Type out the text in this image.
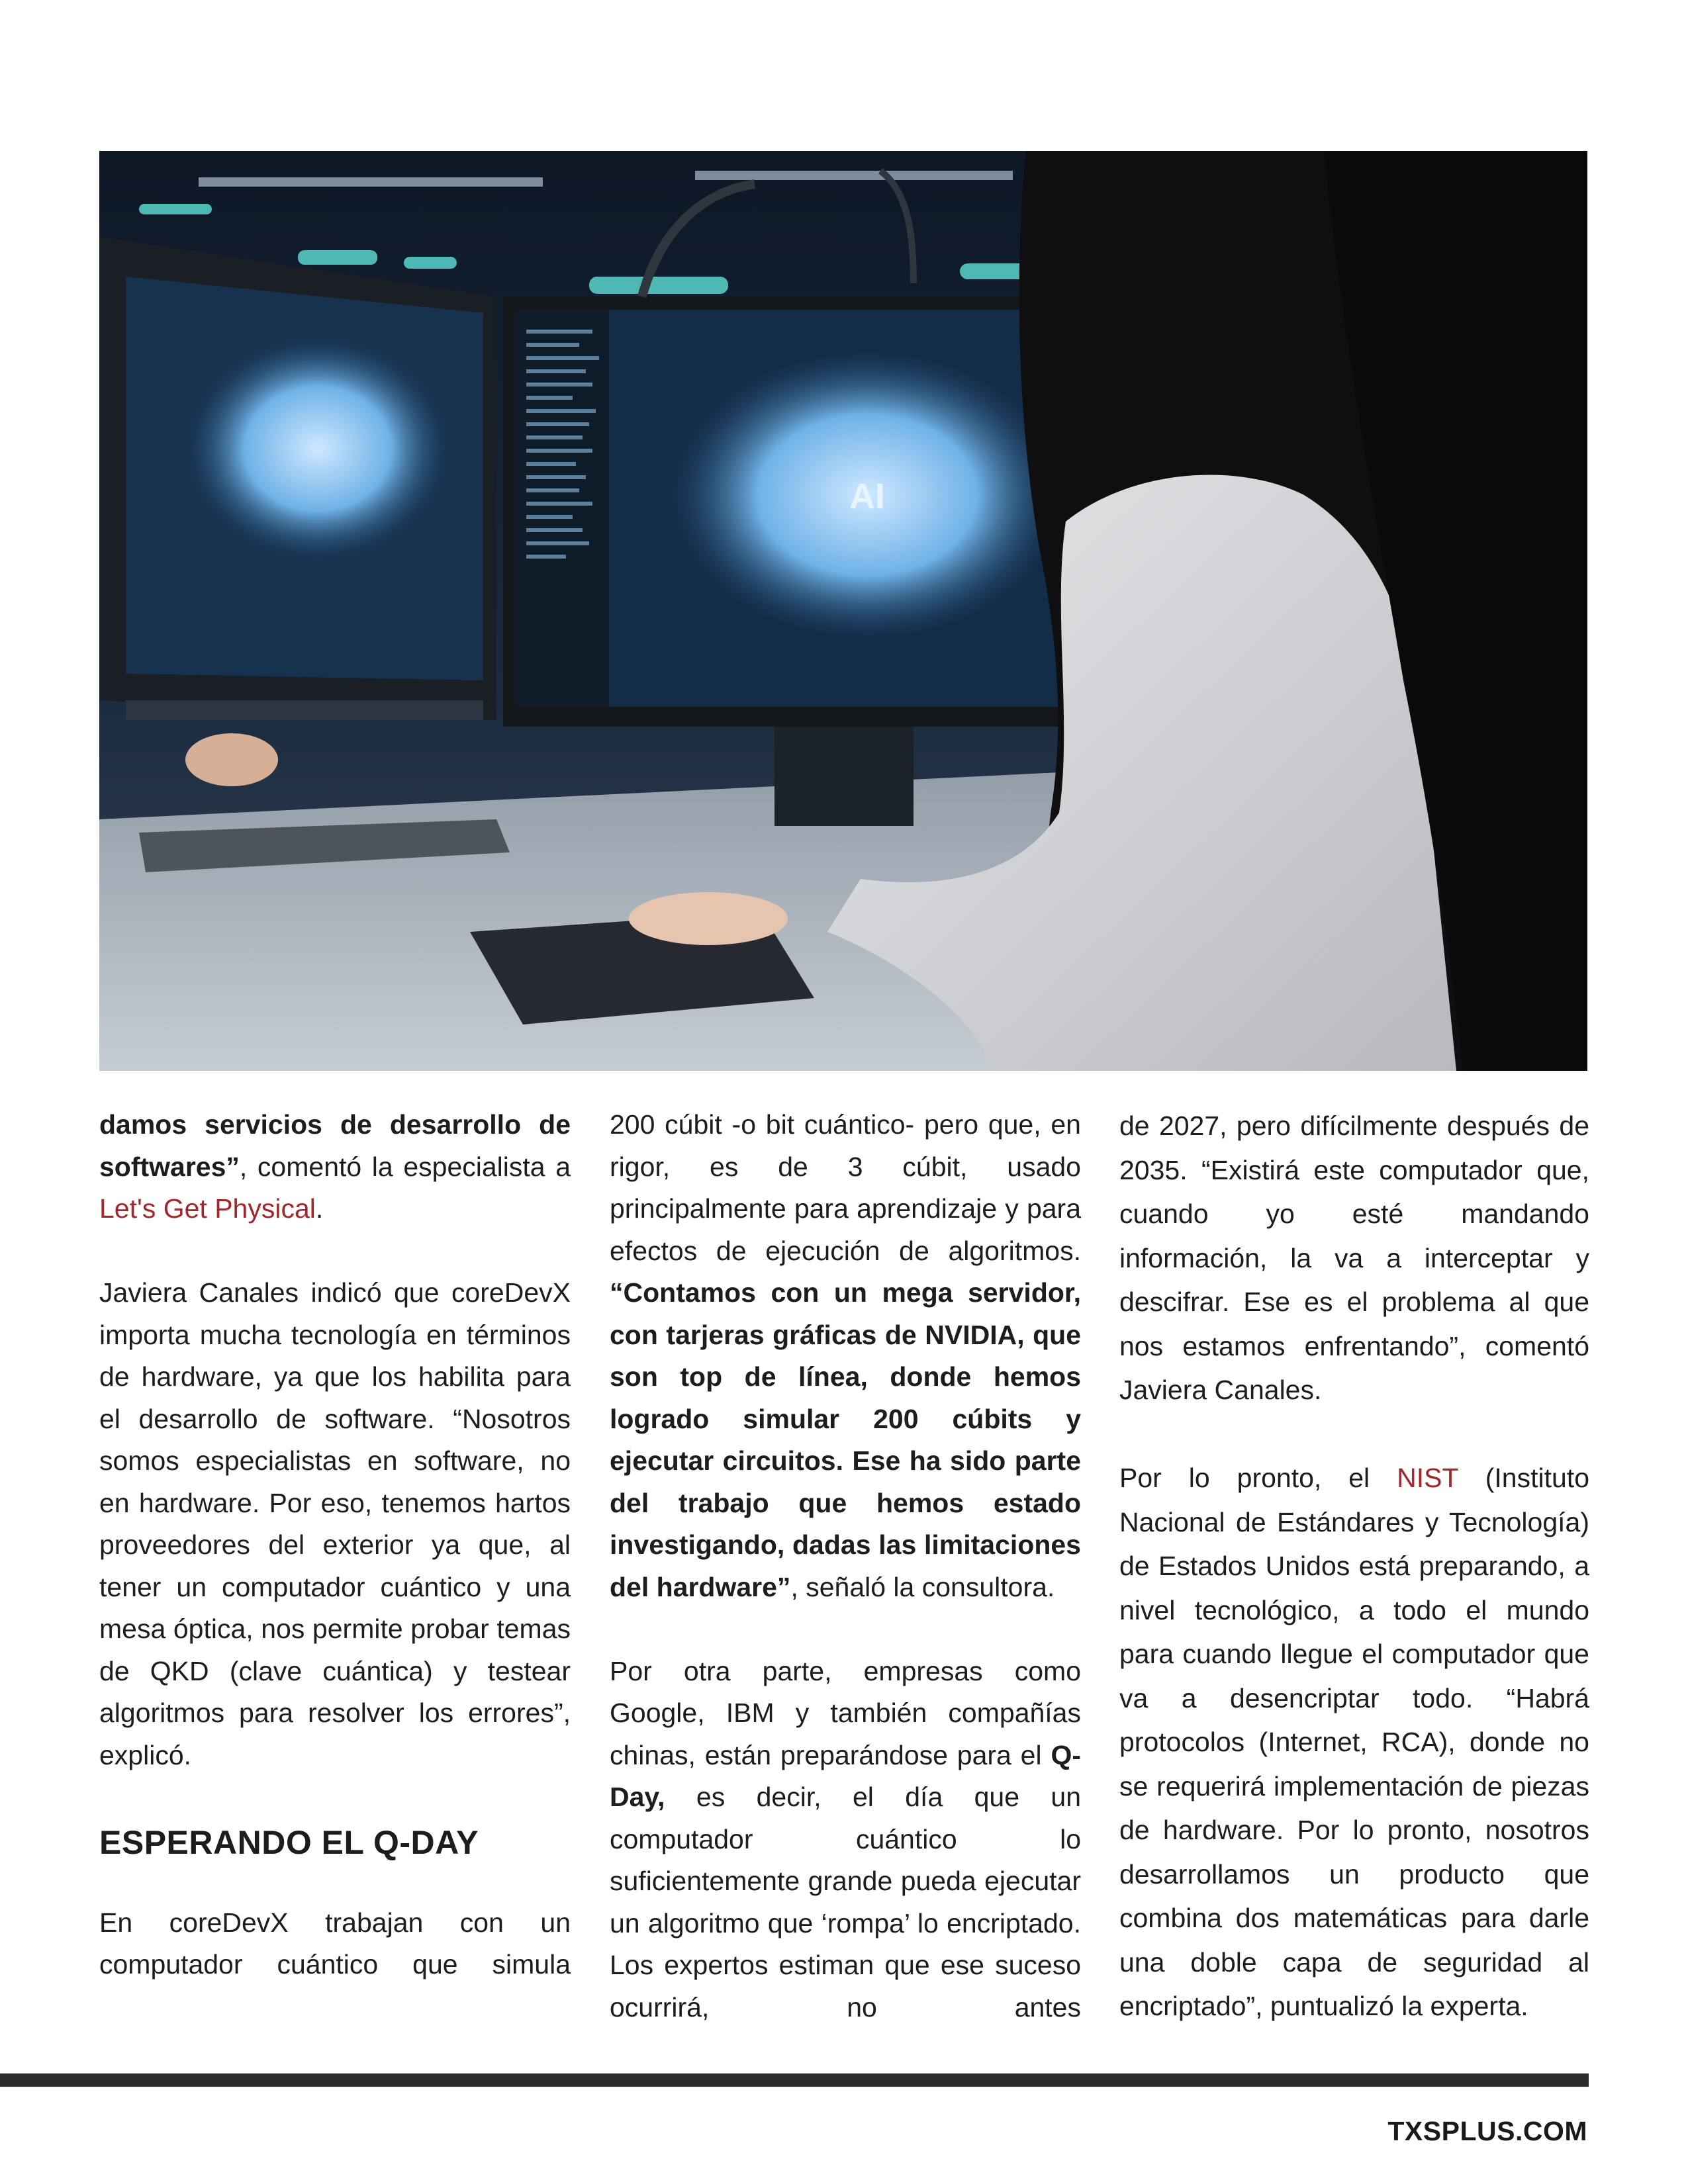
AI

damos servicios de desarrollo de softwares”, comentó la especialista a Let's Get Physical.

Javiera Canales indicó que coreDevX importa mucha tecnología en términos de hardware, ya que los habilita para el desarrollo de software. “Nosotros somos especialistas en software, no en hardware. Por eso, tenemos hartos proveedores del exterior ya que, al tener un computador cuántico y una mesa óptica, nos permite probar temas de QKD (clave cuántica) y testear algoritmos para resolver los errores”, explicó.

ESPERANDO EL Q-DAY

En coreDevX trabajan con un computador cuántico que simula

200 cúbit -o bit cuántico- pero que, en rigor, es de 3 cúbit, usado principalmente para aprendizaje y para efectos de ejecución de algoritmos. “Contamos con un mega servidor, con tarjeras gráficas de NVIDIA, que son top de línea, donde hemos logrado simular 200 cúbits y ejecutar circuitos. Ese ha sido parte del trabajo que hemos estado investigando, dadas las limitaciones del hardware”, señaló la consultora.

Por otra parte, empresas como Google, IBM y también compañías chinas, están preparándose para el Q-Day, es decir, el día que un computador cuántico lo suficientemente grande pueda ejecutar un algoritmo que ‘rompa’ lo encriptado. Los expertos estiman que ese suceso ocurrirá, no antes

de 2027, pero difícilmente después de 2035. “Existirá este computador que, cuando yo esté mandando información, la va a interceptar y descifrar. Ese es el problema al que nos estamos enfrentando”, comentó Javiera Canales.

Por lo pronto, el NIST (Instituto Nacional de Estándares y Tecnología) de Estados Unidos está preparando, a nivel tecnológico, a todo el mundo para cuando llegue el computador que va a desencriptar todo. “Habrá protocolos (Internet, RCA), donde no se requerirá implementación de piezas de hardware. Por lo pronto, nosotros desarrollamos un producto que combina dos matemáticas para darle una doble capa de seguridad al encriptado”, puntualizó la experta.

TXSPLUS.COM
